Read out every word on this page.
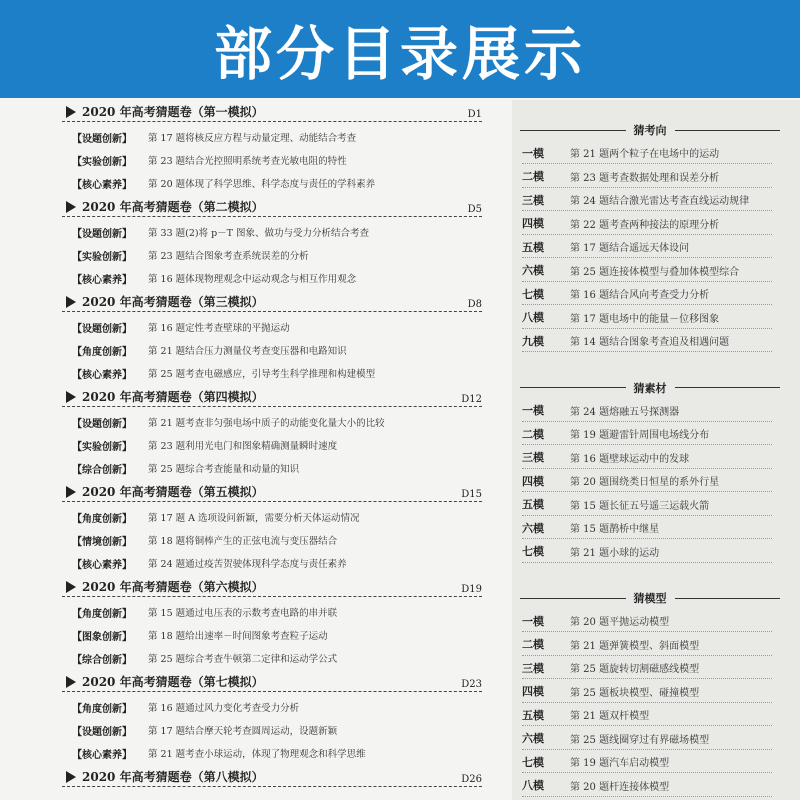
部分目录展示
2020 年高考猜题卷（第一模拟）	D1
【设题创新】	第 17 题将核反应方程与动量定理、动能结合考查
【实验创新】	第 23 题结合光控照明系统考查光敏电阻的特性
【核心素养】	第 20 题体现了科学思维、科学态度与责任的学科素养
2020 年高考猜题卷（第二模拟）	D5
【设题创新】	第 33 题(2)将 p－T 图象、做功与受力分析结合考查
【实验创新】	第 23 题结合图象考查系统误差的分析
【核心素养】	第 16 题体现物理观念中运动观念与相互作用观念
2020 年高考猜题卷（第三模拟）	D8
【设题创新】	第 16 题定性考查壁球的平抛运动
【角度创新】	第 21 题结合压力测量仪考查变压器和电路知识
【核心素养】	第 25 题考查电磁感应，引导考生科学推理和构建模型
2020 年高考猜题卷（第四模拟）	D12
【设题创新】	第 21 题考查非匀强电场中质子的动能变化量大小的比较
【实验创新】	第 23 题利用光电门和图象精确测量瞬时速度
【综合创新】	第 25 题综合考查能量和动量的知识
2020 年高考猜题卷（第五模拟）	D15
【角度创新】	第 17 题 A 选项设问新颖，需要分析天体运动情况
【情境创新】	第 18 题将铜棒产生的正弦电流与变压器结合
【核心素养】	第 24 题通过疫苦贺驶体现科学态度与责任素养
2020 年高考猜题卷（第六模拟）	D19
【角度创新】	第 15 题通过电压表的示数考查电路的串并联
【图象创新】	第 18 题给出速率－时间图象考查粒子运动
【综合创新】	第 25 题综合考查牛顿第二定律和运动学公式
2020 年高考猜题卷（第七模拟）	D23
【角度创新】	第 16 题通过风力变化考查受力分析
【设题创新】	第 17 题结合摩天轮考查圆周运动，设题新颖
【核心素养】	第 21 题考查小球运动，体现了物理观念和科学思维
2020 年高考猜题卷（第八模拟）	D26
猜考向
一模	第 21 题两个粒子在电场中的运动
二模	第 23 题考查数据处理和误差分析
三模	第 24 题结合激光雷达考查直线运动规律
四模	第 22 题考查两种接法的原理分析
五模	第 17 题结合遥远天体设问
六模	第 25 题连接体模型与叠加体模型综合
七模	第 16 题结合风向考查受力分析
八模	第 17 题电场中的能量－位移图象
九模	第 14 题结合图象考查追及相遇问题
猜素材
一模	第 24 题熔融五号探测器
二模	第 19 题避雷针周围电场线分布
三模	第 16 题壁球运动中的发球
四模	第 20 题围绕类日恒星的系外行星
五模	第 15 题长征五号遥三运载火箭
六模	第 15 题鹊桥中继星
七模	第 21 题小球的运动
猜模型
一模	第 20 题平抛运动模型
二模	第 21 题弹簧模型、斜面模型
三模	第 25 题旋转切割磁感线模型
四模	第 25 题板块模型、碰撞模型
五模	第 21 题双杆模型
六模	第 25 题线圈穿过有界磁场模型
七模	第 19 题汽车启动模型
八模	第 20 题杆连接体模型
